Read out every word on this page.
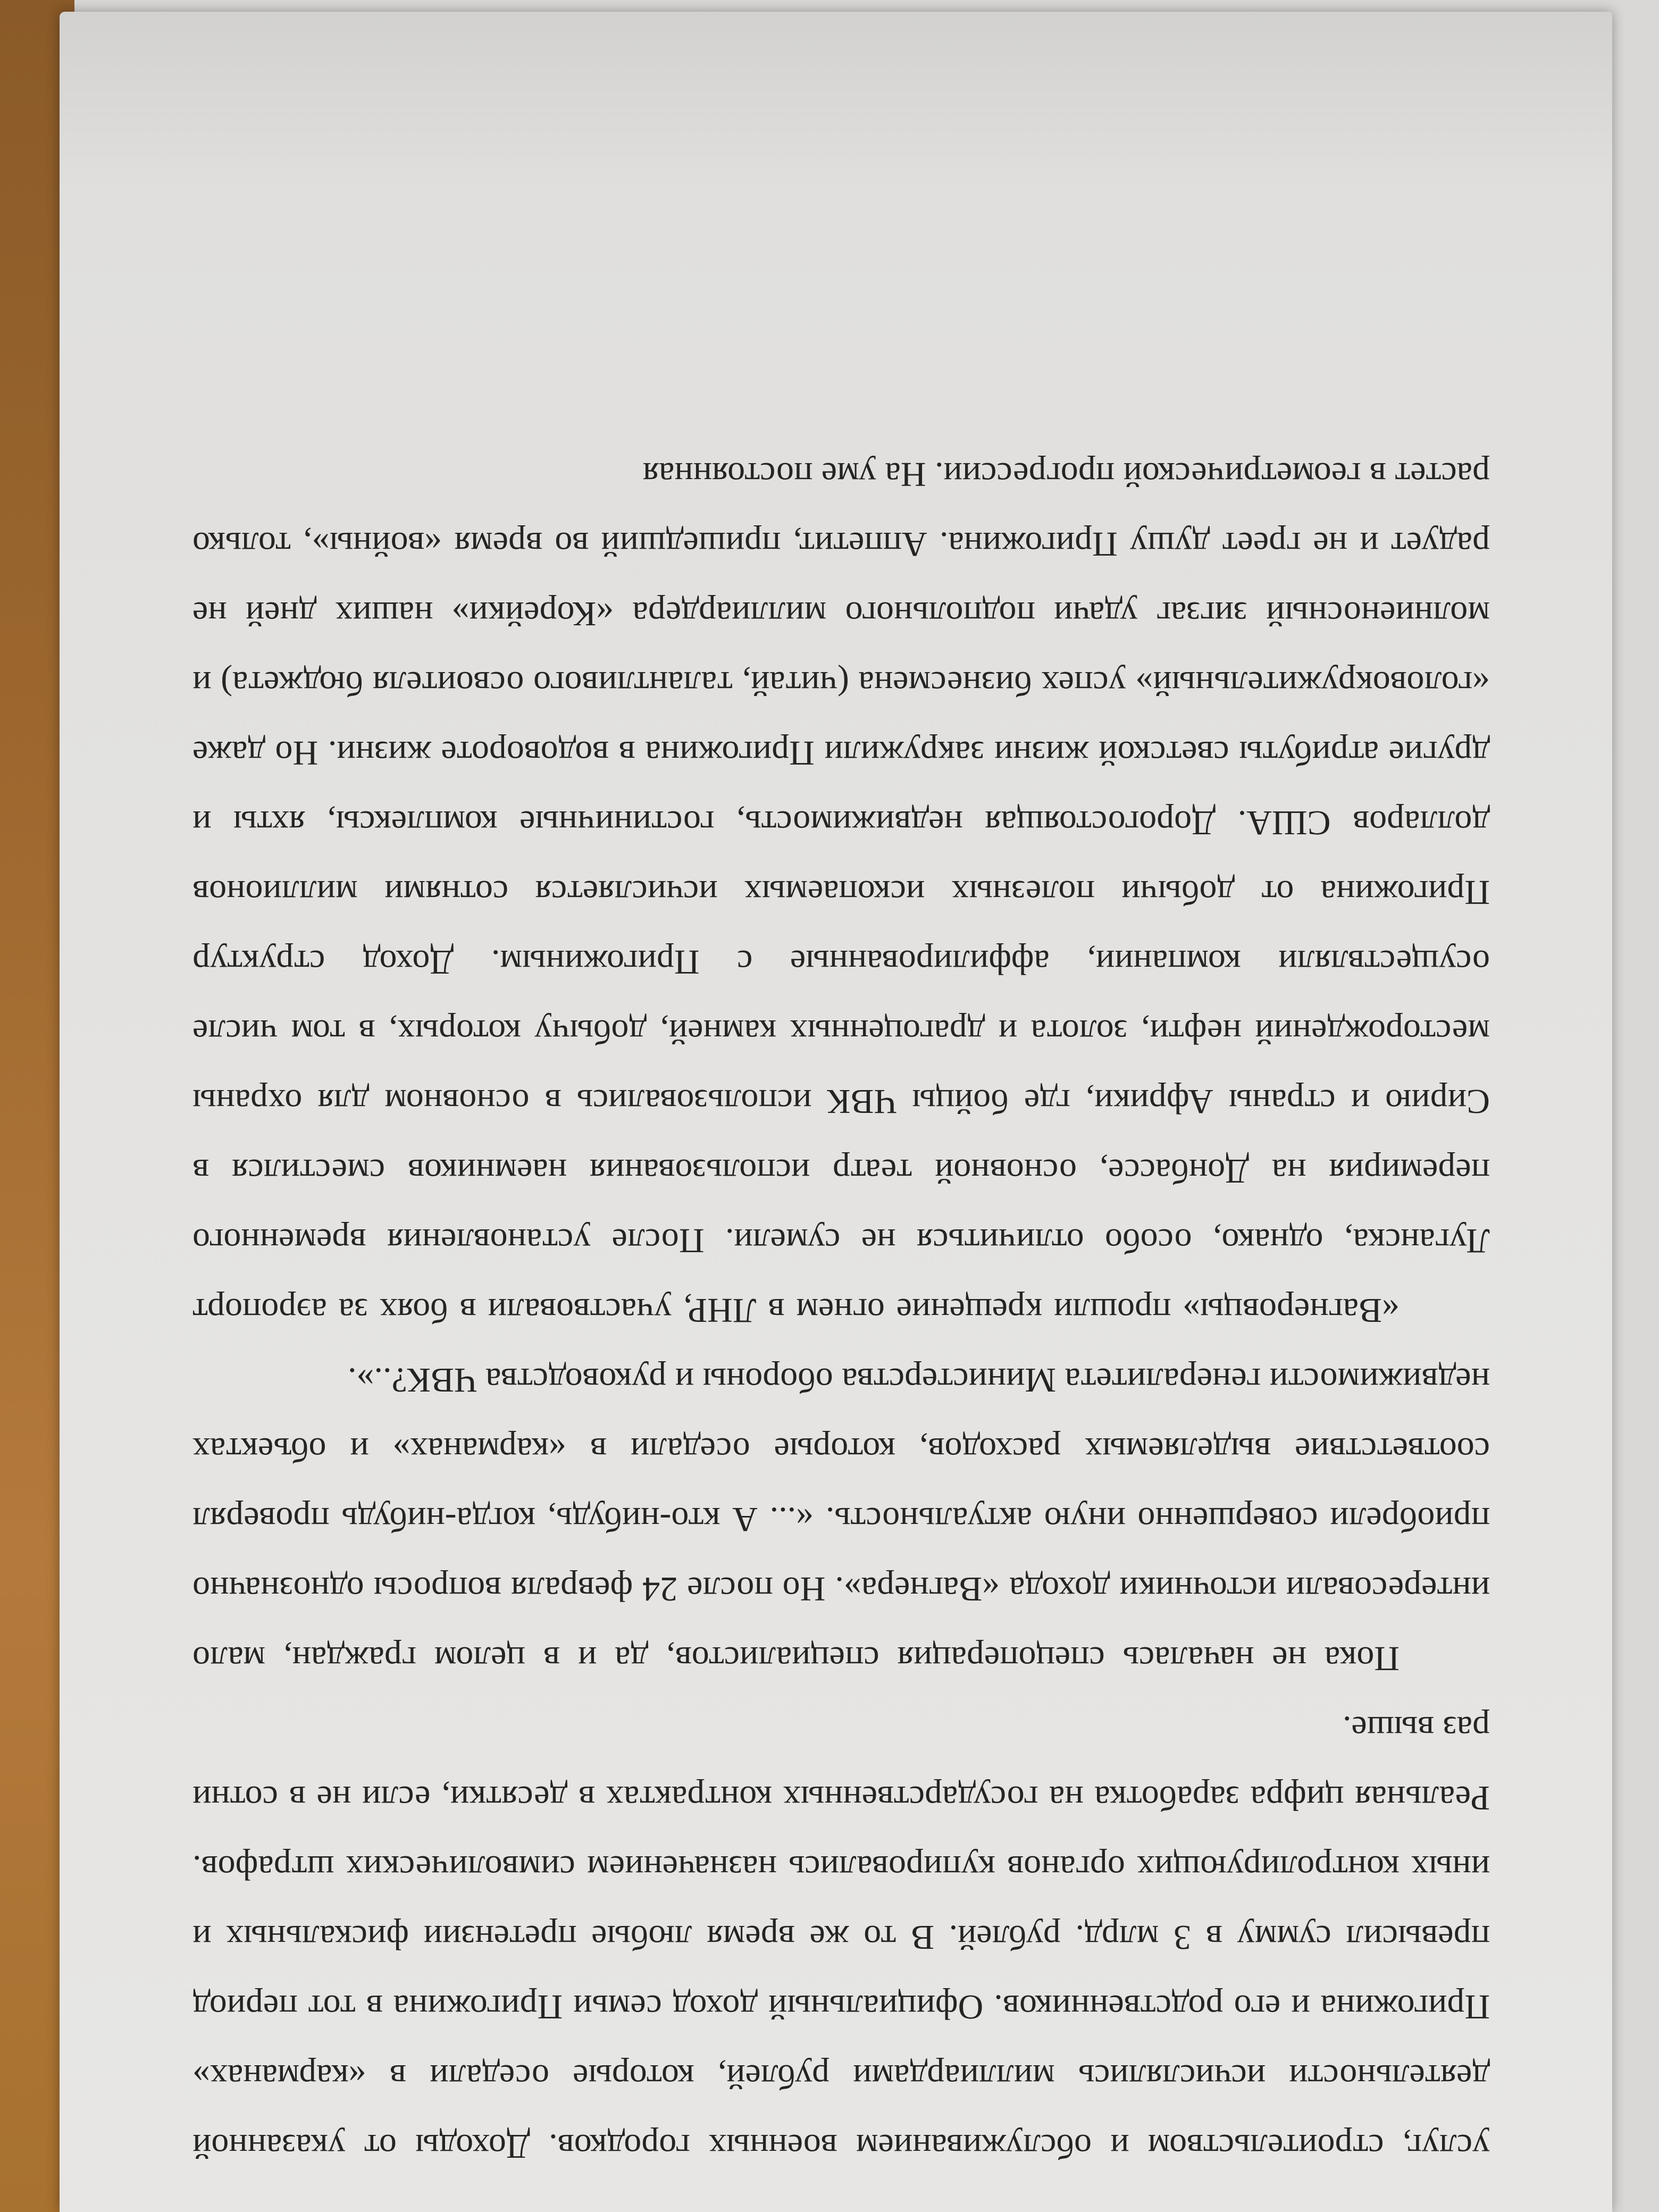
услуг, строительством и обслуживанием военных городков. Доходы от указанной деятельности исчислялись миллиардами рублей, которые оседали в «карманах» Пригожина и его родственников. Официальный доход семьи Пригожина в тот период превысил сумму в 3 млрд. рублей. В то же время любые претензии фискальных и иных контролирующих органов купировались назначением символических штрафов. Реальная цифра заработка на государственных контрактах в десятки, если не в сотни раз выше.

Пока не началась спецоперация специалистов, да и в целом граждан, мало интересовали источники дохода «Вагнера». Но после 24 февраля вопросы однозначно приобрели совершенно иную актуальность. «... А кто-нибудь, когда-нибудь проверял соответствие выделяемых расходов, которые оседали в «карманах» и объектах недвижимости генералитета Министерства обороны и руководства ЧВК?..».

«Вагнеровцы» прошли крещение огнем в ЛНР, участвовали в боях за аэропорт Луганска, однако, особо отличиться не сумели. После установления временного перемирия на Донбассе, основной театр использования наемников сместился в Сирию и страны Африки, где бойцы ЧВК использовались в основном для охраны месторождений нефти, золота и драгоценных камней, добычу которых, в том числе осуществляли компании, аффилированные с Пригожиным. Доход структур Пригожина от добычи полезных ископаемых исчисляется сотнями миллионов долларов США. Дорогостоящая недвижимость, гостиничные комплексы, яхты и другие атрибуты светской жизни закружили Пригожина в водовороте жизни. Но даже «головокружительный» успех бизнесмена (читай, талантливого освоителя бюджета) и молниеносный зигзаг удачи подпольного миллиардера «Корейки» наших дней не радует и не греет душу Пригожина. Аппетит, пришедший во время «войны», только растет в геометрической прогрессии. На уме постоянная
